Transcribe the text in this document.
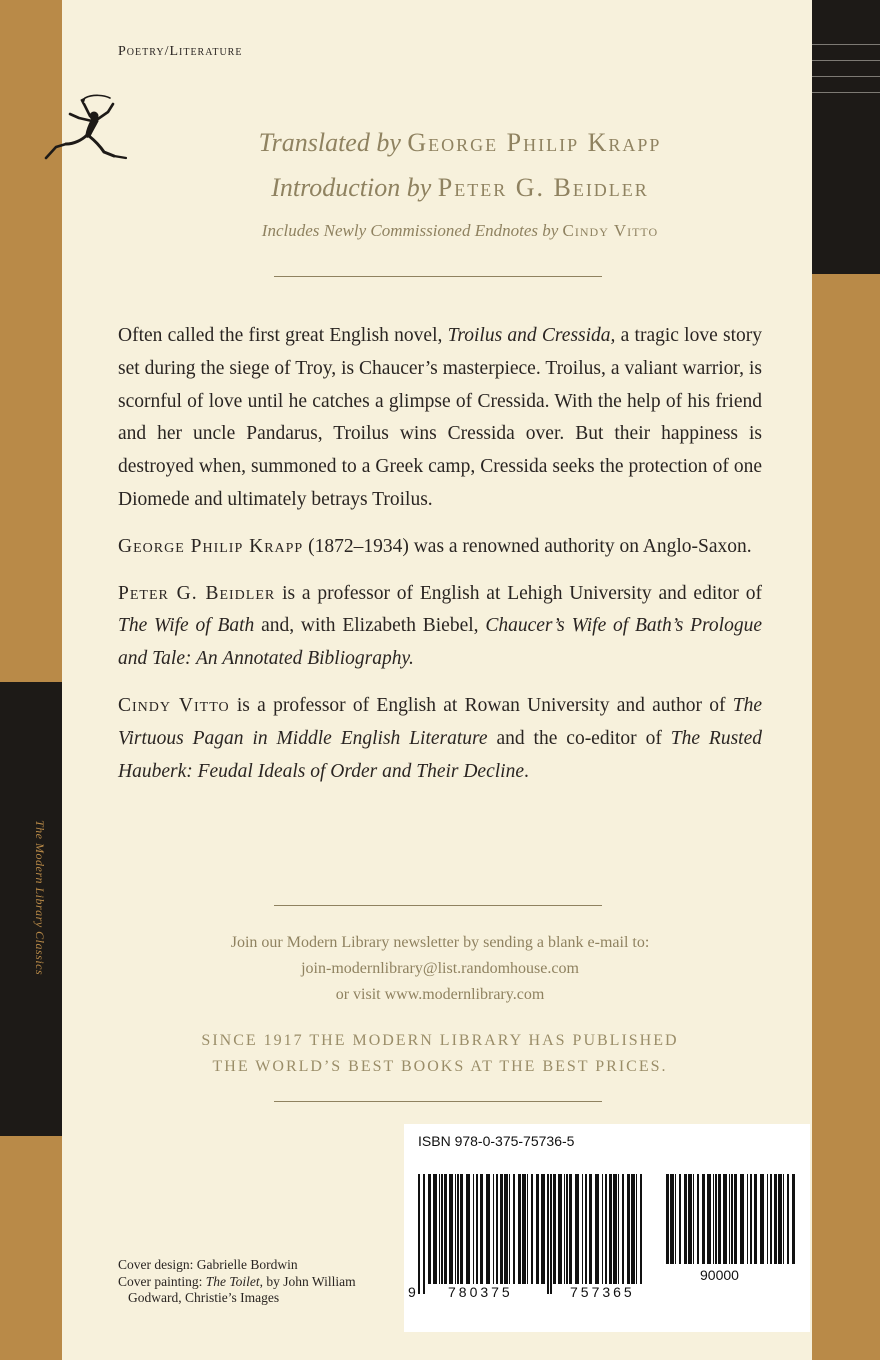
The Modern Library Classics
Poetry/Literature
Translated by George Philip Krapp
Introduction by Peter G. Beidler
Includes Newly Commissioned Endnotes by Cindy Vitto

Often called the first great English novel, Troilus and Cressida, a tragic love story set during the siege of Troy, is Chaucer’s masterpiece. Troilus, a valiant warrior, is scornful of love until he catches a glimpse of Cressida. With the help of his friend and her uncle Pandarus, Troilus wins Cressida over. But their happiness is destroyed when, summoned to a Greek camp, Cressida seeks the protection of one Diomede and ultimately betrays Troilus.

George Philip Krapp (1872–1934) was a renowned authority on Anglo-Saxon.

Peter G. Beidler is a professor of English at Lehigh University and editor of The Wife of Bath and, with Elizabeth Biebel, Chaucer’s Wife of Bath’s Prologue and Tale: An Annotated Bibliography.

Cindy Vitto is a professor of English at Rowan University and author of The Virtuous Pagan in Middle English Literature and the co-editor of The Rusted Hauberk: Feudal Ideals of Order and Their Decline.

Join our Modern Library newsletter by sending a blank e-mail to:
join-modernlibrary@list.randomhouse.com
or visit www.modernlibrary.com
SINCE 1917 THE MODERN LIBRARY HAS PUBLISHED
THE WORLD’S BEST BOOKS AT THE BEST PRICES.
Cover design: Gabrielle Bordwin
Cover painting: The Toilet, by John William
Godward, Christie’s Images
ISBN 978-0-375-75736-5
9 780375	757365
90000
